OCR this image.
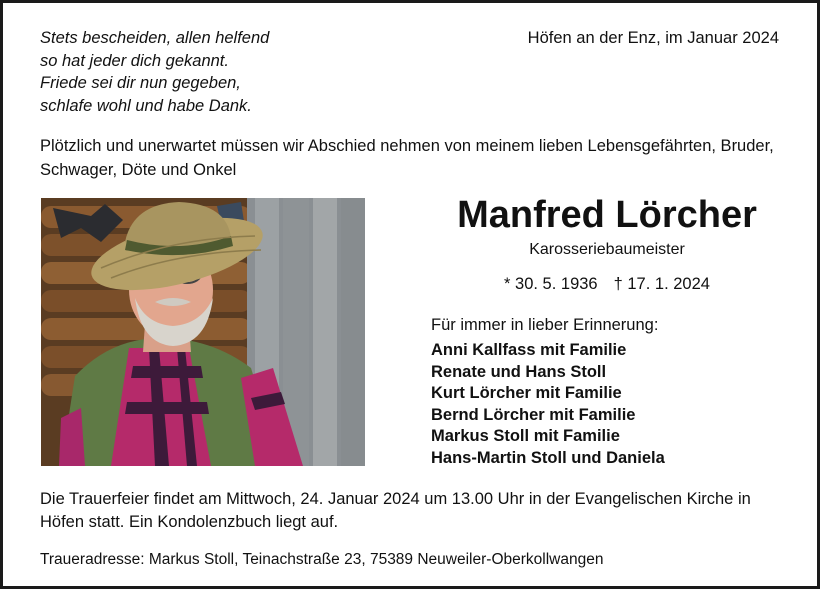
Stets bescheiden, allen helfend
so hat jeder dich gekannt.
Friede sei dir nun gegeben,
schlafe wohl und habe Dank.
Höfen an der Enz, im Januar 2024
Plötzlich und unerwartet müssen wir Abschied nehmen von meinem lieben Lebensgefährten, Bruder, Schwager, Döte und Onkel
Manfred Lörcher
Karosseriebaumeister
* 30. 5. 1936 † 17. 1. 2024
Für immer in lieber Erinnerung:
Anni Kallfass mit Familie
Renate und Hans Stoll
Kurt Lörcher mit Familie
Bernd Lörcher mit Familie
Markus Stoll mit Familie
Hans-Martin Stoll und Daniela
Die Trauerfeier findet am Mittwoch, 24. Januar 2024 um 13.00 Uhr in der Evangelischen Kirche in Höfen statt. Ein Kondolenzbuch liegt auf.
Traueradresse: Markus Stoll, Teinachstraße 23, 75389 Neuweiler-Oberkollwangen
